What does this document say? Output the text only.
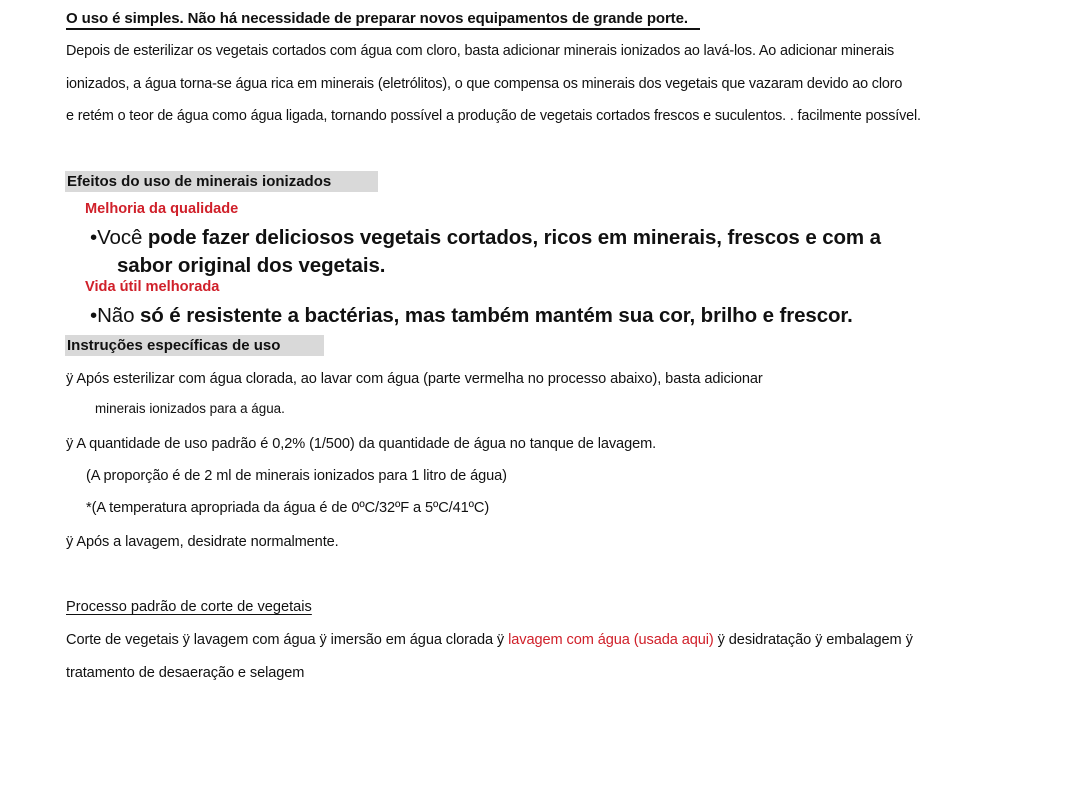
O uso é simples. Não há necessidade de preparar novos equipamentos de grande porte.
Depois de esterilizar os vegetais cortados com água com cloro, basta adicionar minerais ionizados ao lavá-los. Ao adicionar minerais
ionizados, a água torna-se água rica em minerais (eletrólitos), o que compensa os minerais dos vegetais que vazaram devido ao cloro
e retém o teor de água como água ligada, tornando possível a produção de vegetais cortados frescos e suculentos. . facilmente possível.
Efeitos do uso de minerais ionizados
Melhoria da qualidade
•Você pode fazer deliciosos vegetais cortados, ricos em minerais, frescos e com a
sabor original dos vegetais.
Vida útil melhorada
•Não só é resistente a bactérias, mas também mantém sua cor, brilho e frescor.
Instruções específicas de uso
ÿ Após esterilizar com água clorada, ao lavar com água (parte vermelha no processo abaixo), basta adicionar
minerais ionizados para a água.
ÿ A quantidade de uso padrão é 0,2% (1/500) da quantidade de água no tanque de lavagem.
(A proporção é de 2 ml de minerais ionizados para 1 litro de água)
*(A temperatura apropriada da água é de 0ºC/32ºF a 5ºC/41ºC)
ÿ Após a lavagem, desidrate normalmente.
Processo padrão de corte de vegetais
Corte de vegetais ÿ lavagem com água ÿ imersão em água clorada ÿ lavagem com água (usada aqui) ÿ desidratação ÿ embalagem ÿ
tratamento de desaeração e selagem
